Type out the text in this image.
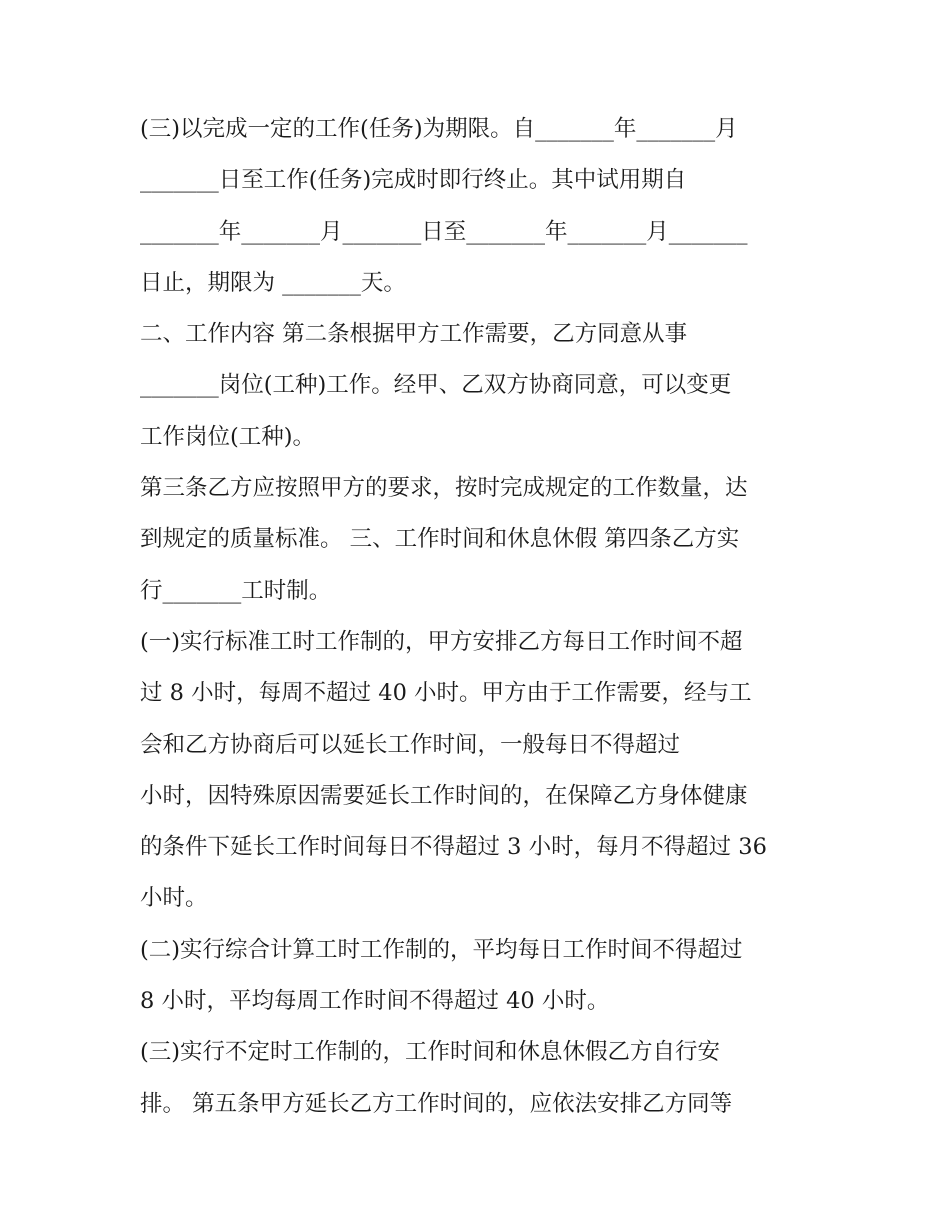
(三)以完成一定的工作(任务)为期限。自_______年_______月
_______日至工作(任务)完成时即行终止。其中试用期自
_______年_______月_______日至_______年_______月_______
日止，期限为 _______天。
二、工作内容 第二条根据甲方工作需要，乙方同意从事
_______岗位(工种)工作。经甲、乙双方协商同意，可以变更
工作岗位(工种)。
第三条乙方应按照甲方的要求，按时完成规定的工作数量，达
到规定的质量标准。 三、工作时间和休息休假 第四条乙方实
行_______工时制。
(一)实行标准工时工作制的，甲方安排乙方每日工作时间不超
过 8 小时，每周不超过 40 小时。甲方由于工作需要，经与工
会和乙方协商后可以延长工作时间，一般每日不得超过
小时，因特殊原因需要延长工作时间的，在保障乙方身体健康
的条件下延长工作时间每日不得超过 3 小时，每月不得超过 36
小时。
(二)实行综合计算工时工作制的，平均每日工作时间不得超过
8 小时，平均每周工作时间不得超过 40 小时。
(三)实行不定时工作制的，工作时间和休息休假乙方自行安
排。 第五条甲方延长乙方工作时间的，应依法安排乙方同等
